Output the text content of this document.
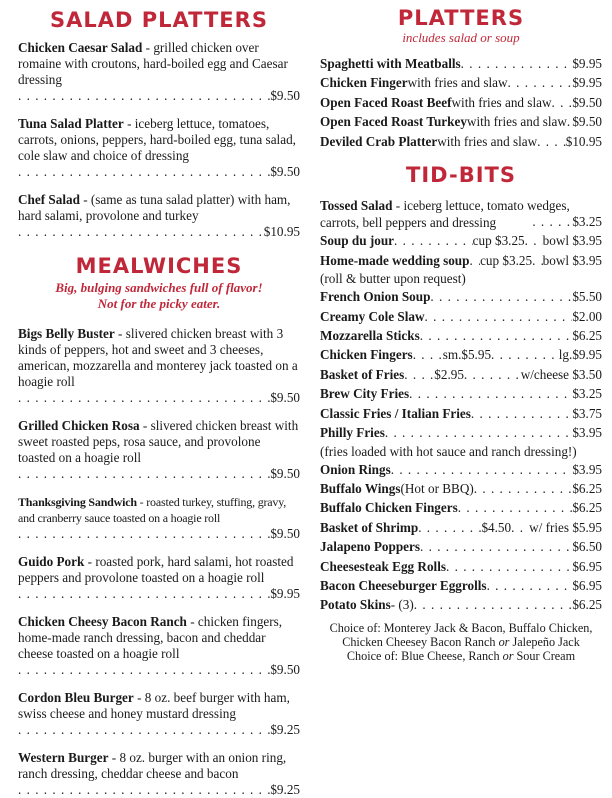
SALAD PLATTERS
Chicken Caesar Salad - grilled chicken over romaine with croutons, hard-boiled egg and Caesar dressing
. . .
$9.50
Tuna Salad Platter - iceberg lettuce, tomatoes, carrots, onions, peppers, hard-boiled egg, tuna salad, cole slaw and choice of dressing
. . .
$9.50
Chef Salad - (same as tuna salad platter) with ham, hard salami, provolone and turkey
. . .
$10.95
MEALWICHES
Big, bulging sandwiches full of flavor!
Not for the picky eater.
Bigs Belly Buster - slivered chicken breast with 3 kinds of peppers, hot and sweet and 3 cheeses, american, mozzarella and monterey jack toasted on a hoagie roll
. . .
$9.50
Grilled Chicken Rosa - slivered chicken breast with sweet roasted peps, rosa sauce, and provolone toasted on a hoagie roll
. . .
$9.50
Thanksgiving Sandwich - roasted turkey, stuffing, gravy, and cranberry sauce toasted on a hoagie roll
. . .
$9.50
Guido Pork - roasted pork, hard salami, hot roasted peppers and provolone toasted on a hoagie roll
. . .
$9.95
Chicken Cheesy Bacon Ranch - chicken fingers, home-made ranch dressing, bacon and cheddar cheese toasted on a hoagie roll
. . .
$9.50
Cordon Bleu Burger - 8 oz. beef burger with ham, swiss cheese and honey mustard dressing
. . .
$9.25
Western Burger - 8 oz. burger with an onion ring, ranch dressing, cheddar cheese and bacon
. . .
$9.25
PLATTERS
includes salad or soup
Spaghetti with Meatballs . . .	$9.95
Chicken Finger with fries and slaw . . .	$9.95
Open Faced Roast Beef with fries and slaw . . . $9.50
Open Faced Roast Turkey with fries and slaw . . . $9.50
Deviled Crab Platter with fries and slaw . . . $10.95
TID-BITS
Tossed Salad - iceberg lettuce, tomato wedges, carrots, bell peppers and dressing . . .	$3.25
Soup du jour . . .	cup $3.25 . . . bowl $3.95
Home-made wedding soup . . . cup $3.25 . . . bowl $3.95
(roll & butter upon request)
French Onion Soup . . .	$5.50
Creamy Cole Slaw . . .	$2.00
Mozzarella Sticks . . .	$6.25
Chicken Fingers . . . sm.$5.95 . . .	lg.$9.95
Basket of Fries . . . $2.95 . . .	w/cheese $3.50
Brew City Fries . . .	$3.25
Classic Fries / Italian Fries . . .	$3.75
Philly Fries . . .	$3.95
(fries loaded with hot sauce and ranch dressing!)
Onion Rings . . .	$3.95
Buffalo Wings (Hot or BBQ) . . .	$6.25
Buffalo Chicken Fingers . . .	$6.25
Basket of Shrimp . . .	$4.50 . . . w/ fries $5.95
Jalapeno Poppers . . .	$6.50
Cheesesteak Egg Rolls . . .	$6.95
Bacon Cheeseburger Eggrolls . . .	$6.95
Potato Skins - (3) . . .	$6.25
Choice of: Monterey Jack & Bacon, Buffalo Chicken,
Chicken Cheesey Bacon Ranch or Jalepeño Jack
Choice of: Blue Cheese, Ranch or Sour Cream
